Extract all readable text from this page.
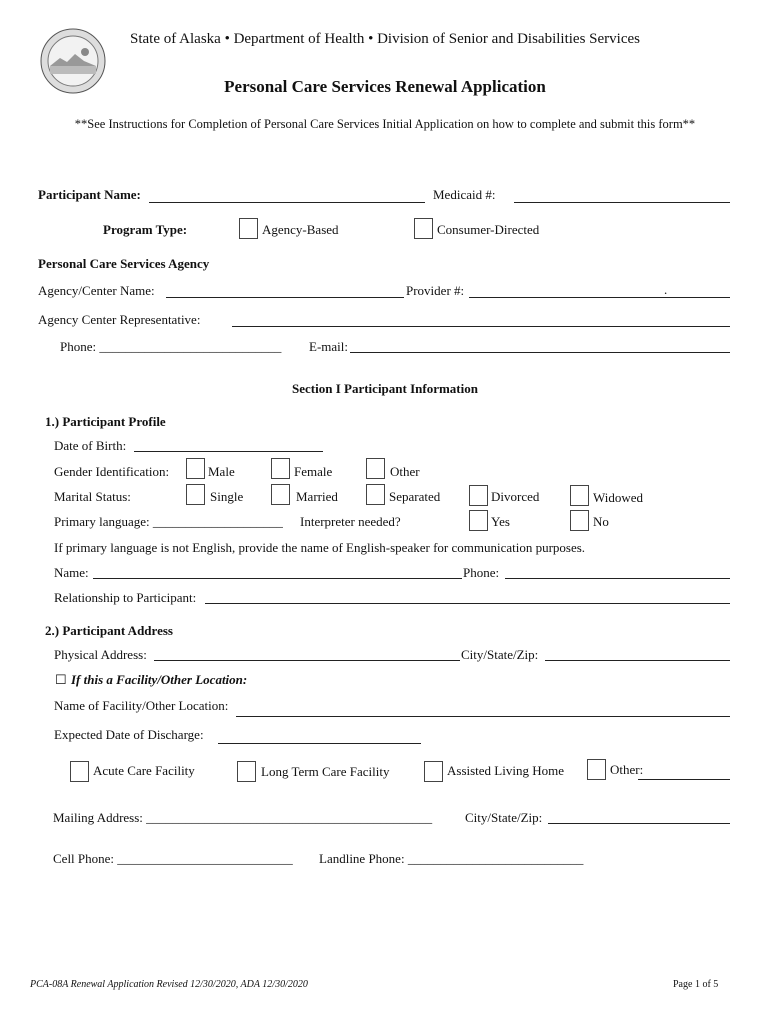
State of Alaska • Department of Health • Division of Senior and Disabilities Services
Personal Care Services Renewal Application
**See Instructions for Completion of Personal Care Services Initial Application on how to complete and submit this form**
Participant Name:	Medicaid #:
Program Type:	Agency-Based	Consumer-Directed
Personal Care Services Agency
Agency/Center Name:	Provider #:	.
Agency Center Representative:
Phone: ____________________________ E-mail:
Section I Participant Information
1.) Participant Profile
Date of Birth:
Gender Identification:	Male	Female	Other
Marital Status:	Single	Married	Separated	Divorced	Widowed
Primary language: ____________________ Interpreter needed?	Yes	No
If primary language is not English, provide the name of English-speaker for communication purposes.
Name:	Phone:
Relationship to Participant:
2.) Participant Address
Physical Address:	City/State/Zip:
☐ If this a Facility/Other Location:
Name of Facility/Other Location:
Expected Date of Discharge:
Acute Care Facility	Long Term Care Facility	Assisted Living Home	Other:
Mailing Address: ____________________________________________	City/State/Zip:
Cell Phone: ___________________________ Landline Phone: ___________________________
PCA-08A Renewal Application Revised 12/30/2020, ADA 12/30/2020	Page 1 of 5
